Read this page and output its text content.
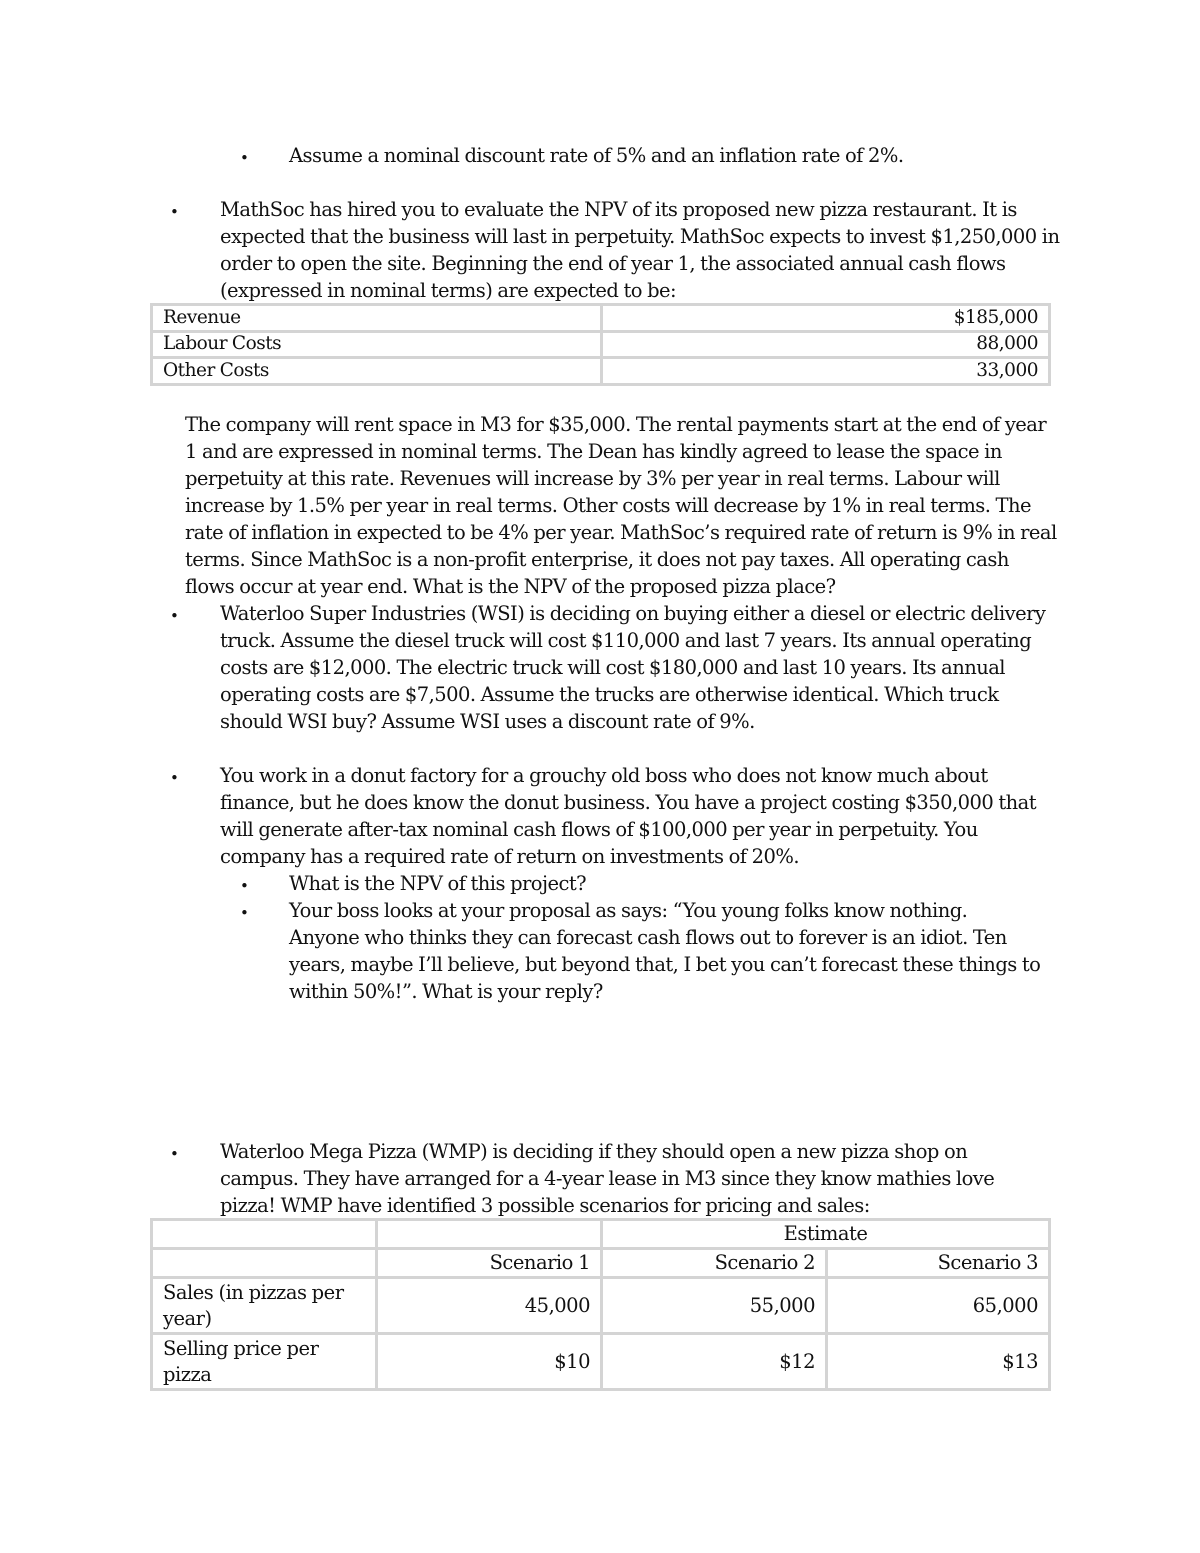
• Assume a nominal discount rate of 5% and an inflation rate of 2%.
• MathSoc has hired you to evaluate the NPV of its proposed new pizza restaurant. It is
expected that the business will last in perpetuity. MathSoc expects to invest $1,250,000 in
order to open the site. Beginning the end of year 1, the associated annual cash flows
(expressed in nominal terms) are expected to be:
Revenue	$185,000
Labour Costs	88,000
Other Costs	33,000
The company will rent space in M3 for $35,000. The rental payments start at the end of year
1 and are expressed in nominal terms. The Dean has kindly agreed to lease the space in
perpetuity at this rate. Revenues will increase by 3% per year in real terms. Labour will
increase by 1.5% per year in real terms. Other costs will decrease by 1% in real terms. The
rate of inflation in expected to be 4% per year. MathSoc’s required rate of return is 9% in real
terms. Since MathSoc is a non-profit enterprise, it does not pay taxes. All operating cash
flows occur at year end. What is the NPV of the proposed pizza place?
• Waterloo Super Industries (WSI) is deciding on buying either a diesel or electric delivery
truck. Assume the diesel truck will cost $110,000 and last 7 years. Its annual operating
costs are $12,000. The electric truck will cost $180,000 and last 10 years. Its annual
operating costs are $7,500. Assume the trucks are otherwise identical. Which truck
should WSI buy? Assume WSI uses a discount rate of 9%.
• You work in a donut factory for a grouchy old boss who does not know much about
finance, but he does know the donut business. You have a project costing $350,000 that
will generate after-tax nominal cash flows of $100,000 per year in perpetuity. You
company has a required rate of return on investments of 20%.
• What is the NPV of this project?
• Your boss looks at your proposal as says: “You young folks know nothing.
Anyone who thinks they can forecast cash flows out to forever is an idiot. Ten
years, maybe I’ll believe, but beyond that, I bet you can’t forecast these things to
within 50%!”. What is your reply?
• Waterloo Mega Pizza (WMP) is deciding if they should open a new pizza shop on
campus. They have arranged for a 4-year lease in M3 since they know mathies love
pizza! WMP have identified 3 possible scenarios for pricing and sales:
		Estimate	
	Scenario 1	Scenario 2	Scenario 3

Sales (in pizzas per
year)	45,000	55,000	65,000

Selling price per
pizza	$10	$12	$13
